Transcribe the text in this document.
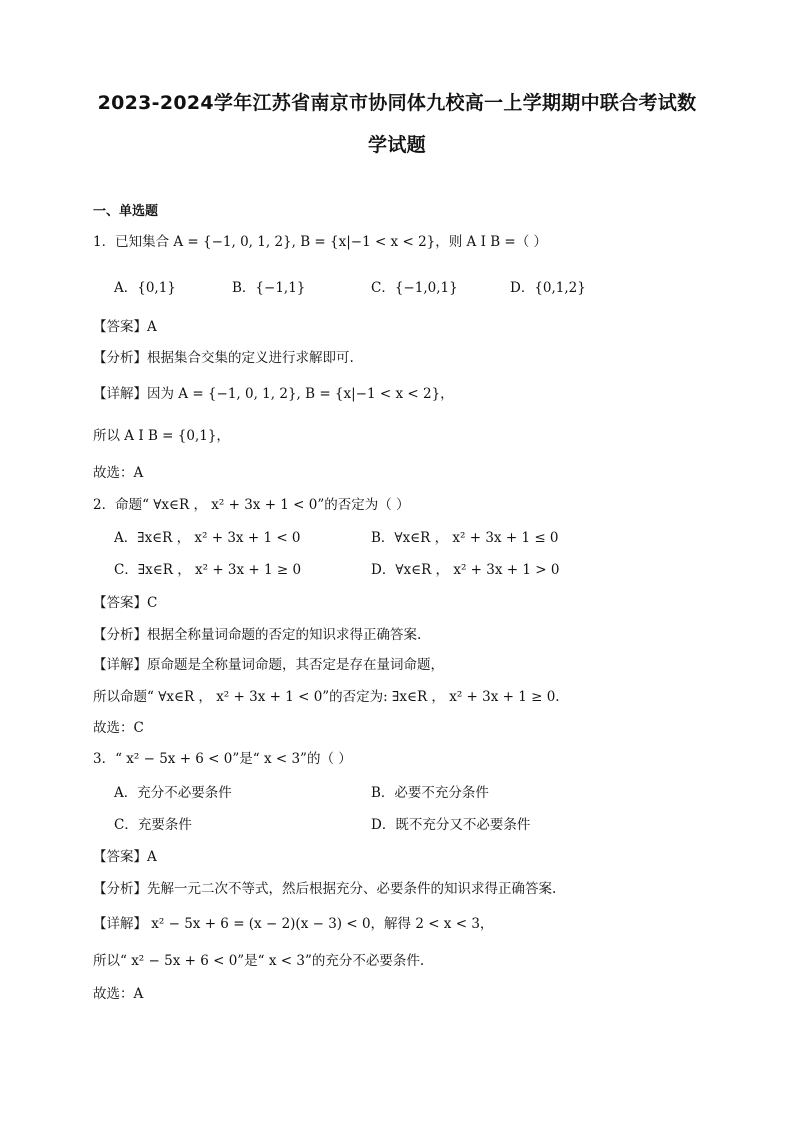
2023-2024学年江苏省南京市协同体九校高一上学期期中联合考试数
学试题
一、单选题
1．已知集合 A = {−1, 0, 1, 2}, B = {x|−1 < x < 2}，则 A I B =（ ）
A．{0,1}	B．{−1,1}	C．{−1,0,1}	D．{0,1,2}
【答案】A
【分析】根据集合交集的定义进行求解即可.
【详解】因为 A = {−1, 0, 1, 2}, B = {x|−1 < x < 2}，
所以 A I B = {0,1}，
故选：A
2．命题“ ∀x∈R ， x² + 3x + 1 < 0”的否定为（ ）
A．∃x∈R ， x² + 3x + 1 < 0	B．∀x∈R ， x² + 3x + 1 ≤ 0
C．∃x∈R ， x² + 3x + 1 ≥ 0	D．∀x∈R ， x² + 3x + 1 > 0
【答案】C
【分析】根据全称量词命题的否定的知识求得正确答案.
【详解】原命题是全称量词命题，其否定是存在量词命题，
所以命题“ ∀x∈R ， x² + 3x + 1 < 0”的否定为: ∃x∈R ， x² + 3x + 1 ≥ 0.
故选：C
3．“ x² − 5x + 6 < 0”是“ x < 3”的（ ）
A．充分不必要条件	B．必要不充分条件
C．充要条件	D．既不充分又不必要条件
【答案】A
【分析】先解一元二次不等式，然后根据充分、必要条件的知识求得正确答案.
【详解】 x² − 5x + 6 = (x − 2)(x − 3) < 0，解得 2 < x < 3，
所以“ x² − 5x + 6 < 0”是“ x < 3”的充分不必要条件.
故选：A
